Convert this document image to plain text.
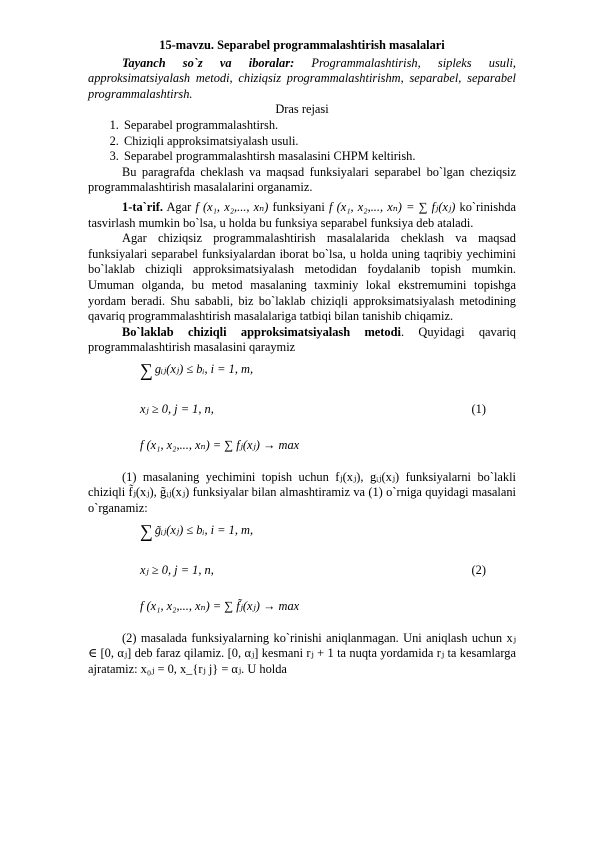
15-mavzu. Separabel programmalashtirish masalalari

Tayanch so`z va iboralar: Programmalashtirish, sipleks usuli, approksimatsiyalash metodi, chiziqsiz programmalashtirishm, separabel, separabel programmalashtirsh.

Dras rejasi

1. Separabel programmalashtirsh.
2. Chiziqli approksimatsiyalash usuli.
3. Separabel programmalashtirsh masalasini CHPM keltirish.

Bu paragrafda cheklash va maqsad funksiyalari separabel bo`lgan cheziqsiz programmalashtirish masalalarini organamiz.

1-ta`rif. Agar f (x₁, x₂,..., xₙ) funksiyani f (x₁, x₂,..., xₙ) = ∑ fⱼ(xⱼ) ko`rinishda tasvirlash mumkin bo`lsa, u holda bu funksiya separabel funksiya deb ataladi.

Agar chiziqsiz programmalashtirish masalalarida cheklash va maqsad funksiyalari separabel funksiyalardan iborat bo`lsa, u holda uning taqribiy yechimini bo`laklab chiziqli approksimatsiyalash metodidan foydalanib topish mumkin. Umuman olganda, bu metod masalaning taxminiy lokal ekstremumini topishga yordam beradi. Shu sababli, biz bo`laklab chiziqli approksimatsiyalash metodining qavariq programmalashtirish masalalariga tatbiqi bilan tanishib chiqamiz.

Bo`laklab chiziqli approksimatsiyalash metodi. Quyidagi qavariq programmalashtirish masalasini qaraymiz

∑ gᵢⱼ(xⱼ) ≤ bᵢ, i = 1, m,
xⱼ ≥ 0, j = 1, n,
f (x₁, x₂,..., xₙ) = ∑ fⱼ(xⱼ) → max
(1)

(1) masalaning yechimini topish uchun fⱼ(xⱼ), gᵢⱼ(xⱼ) funksiyalarni bo`lakli chiziqli f̃ⱼ(xⱼ), g̃ᵢⱼ(xⱼ) funksiyalar bilan almashtiramiz va (1) o`rniga quyidagi masalani o`rganamiz:

∑ g̃ᵢⱼ(xⱼ) ≤ bᵢ, i = 1, m,
xⱼ ≥ 0, j = 1, n,
f (x₁, x₂,..., xₙ) = ∑ f̃ⱼ(xⱼ) → max
(2)

(2) masalada funksiyalarning ko`rinishi aniqlanmagan. Uni aniqlash uchun xⱼ ∈ [0, αⱼ] deb faraz qilamiz. [0, αⱼ] kesmani rⱼ + 1 ta nuqta yordamida rⱼ ta kesamlarga ajratamiz: x₀ⱼ = 0, x_{rⱼ j} = αⱼ. U holda
